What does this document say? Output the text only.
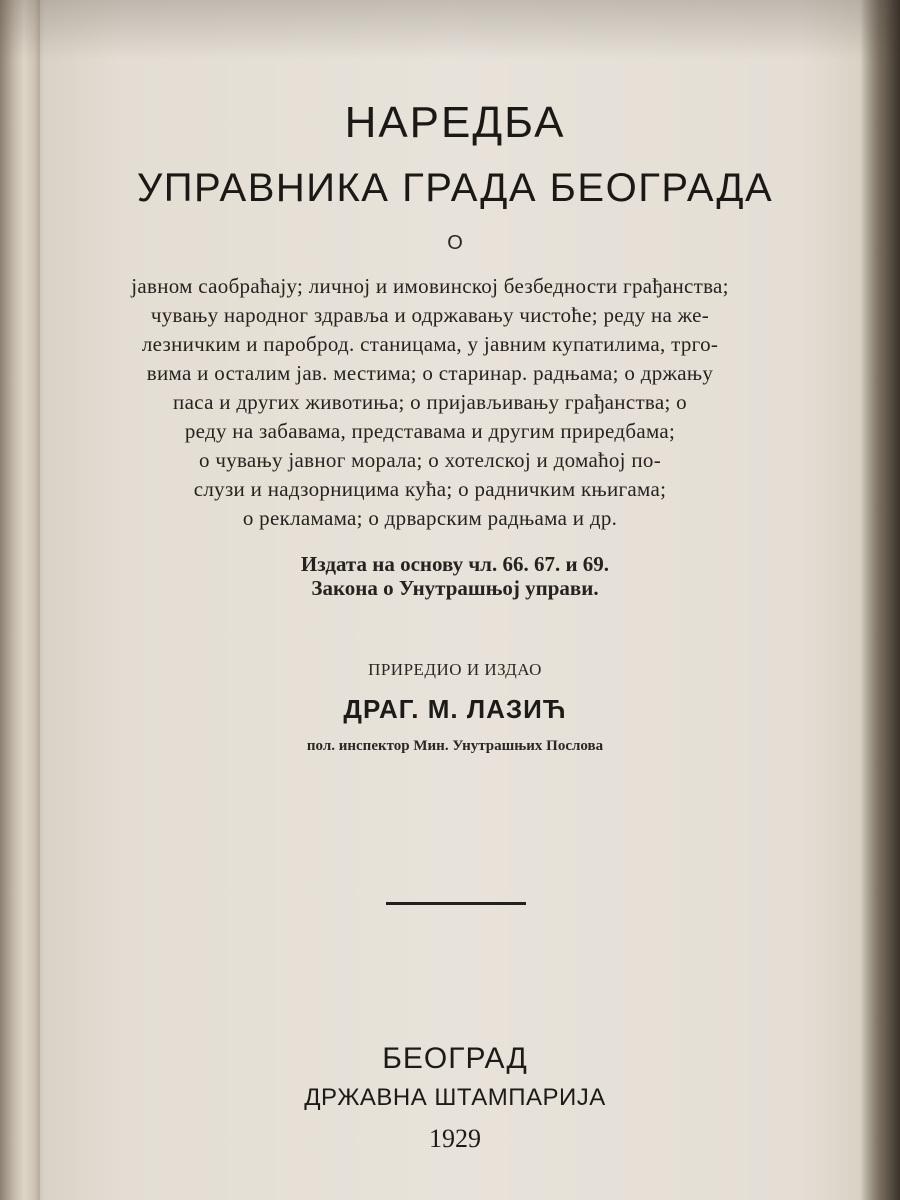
НАРЕДБА
УПРАВНИКА ГРАДА БЕОГРАДА
О
јавном саобраћају; личној и имовинској безбедности грађанства;
чувању народног здравља и одржавању чистоће; реду на же-
лезничким и пароброд. станицама, у јавним купатилима, трго-
вима и осталим јав. местима; о старинар. радњама; о држању
паса и других животиња; о пријављивању грађанства; о
реду на забавама, представама и другим приредбама;
о чувању јавног морала; о хотелској и домаћој по-
слузи и надзорницима кућа; о радничким књигама;
о рекламама; о дрварским радњама и др.
Издата на основу чл. 66. 67. и 69.
Закона о Унутрашњој управи.
ПРИРЕДИО И ИЗДАО
ДРАГ. М. ЛАЗИЋ
пол. инспектор Мин. Унутрашњих Послова
БЕОГРАД
ДРЖАВНА ШТАМПАРИЈА
1929
